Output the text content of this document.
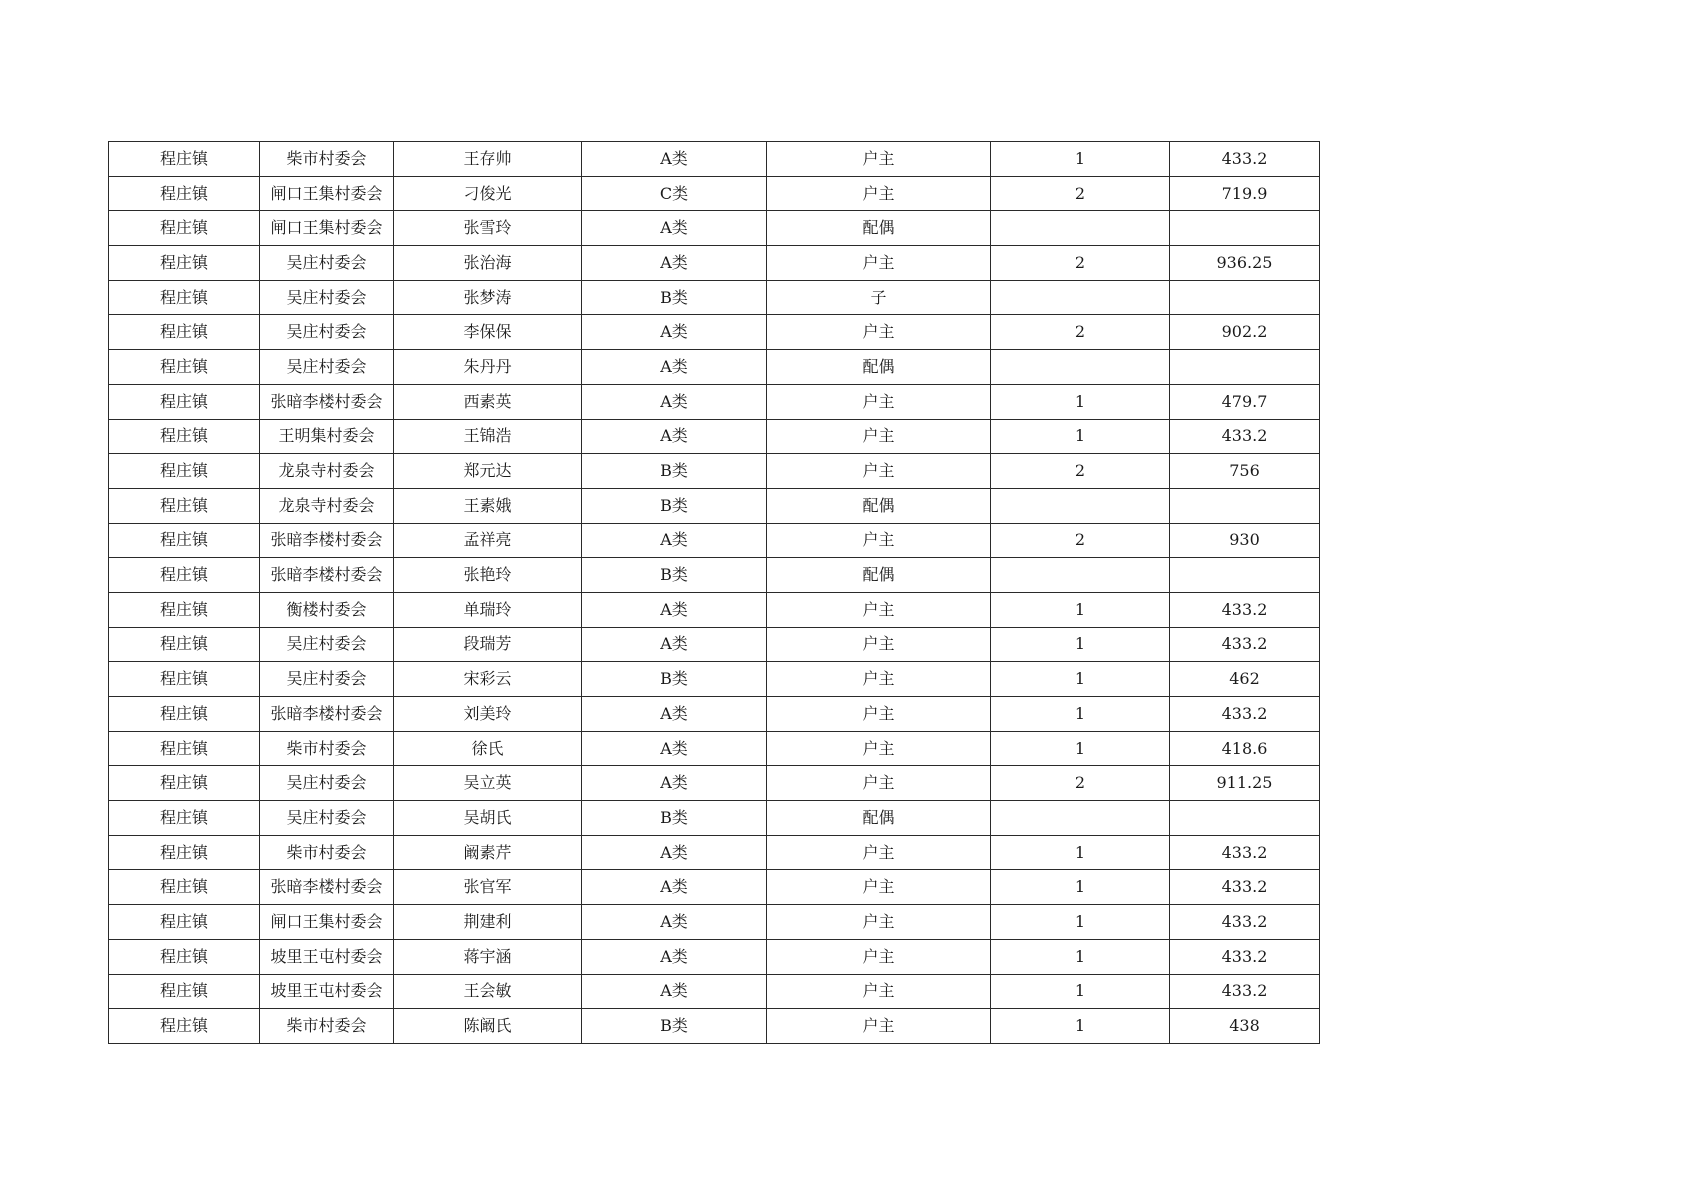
程庄镇	柴市村委会	王存帅	A类	户主	1	433.2
程庄镇	闸口王集村委会	刁俊光	C类	户主	2	719.9
程庄镇	闸口王集村委会	张雪玲	A类	配偶		
程庄镇	吴庄村委会	张治海	A类	户主	2	936.25
程庄镇	吴庄村委会	张梦涛	B类	子		
程庄镇	吴庄村委会	李保保	A类	户主	2	902.2
程庄镇	吴庄村委会	朱丹丹	A类	配偶		
程庄镇	张暗李楼村委会	西素英	A类	户主	1	479.7
程庄镇	王明集村委会	王锦浩	A类	户主	1	433.2
程庄镇	龙泉寺村委会	郑元达	B类	户主	2	756
程庄镇	龙泉寺村委会	王素娥	B类	配偶		
程庄镇	张暗李楼村委会	孟祥亮	A类	户主	2	930
程庄镇	张暗李楼村委会	张艳玲	B类	配偶		
程庄镇	衡楼村委会	单瑞玲	A类	户主	1	433.2
程庄镇	吴庄村委会	段瑞芳	A类	户主	1	433.2
程庄镇	吴庄村委会	宋彩云	B类	户主	1	462
程庄镇	张暗李楼村委会	刘美玲	A类	户主	1	433.2
程庄镇	柴市村委会	徐氏	A类	户主	1	418.6
程庄镇	吴庄村委会	吴立英	A类	户主	2	911.25
程庄镇	吴庄村委会	吴胡氏	B类	配偶		
程庄镇	柴市村委会	阚素芹	A类	户主	1	433.2
程庄镇	张暗李楼村委会	张官军	A类	户主	1	433.2
程庄镇	闸口王集村委会	荆建利	A类	户主	1	433.2
程庄镇	坡里王屯村委会	蒋宇涵	A类	户主	1	433.2
程庄镇	坡里王屯村委会	王会敏	A类	户主	1	433.2
程庄镇	柴市村委会	陈阚氏	B类	户主	1	438
